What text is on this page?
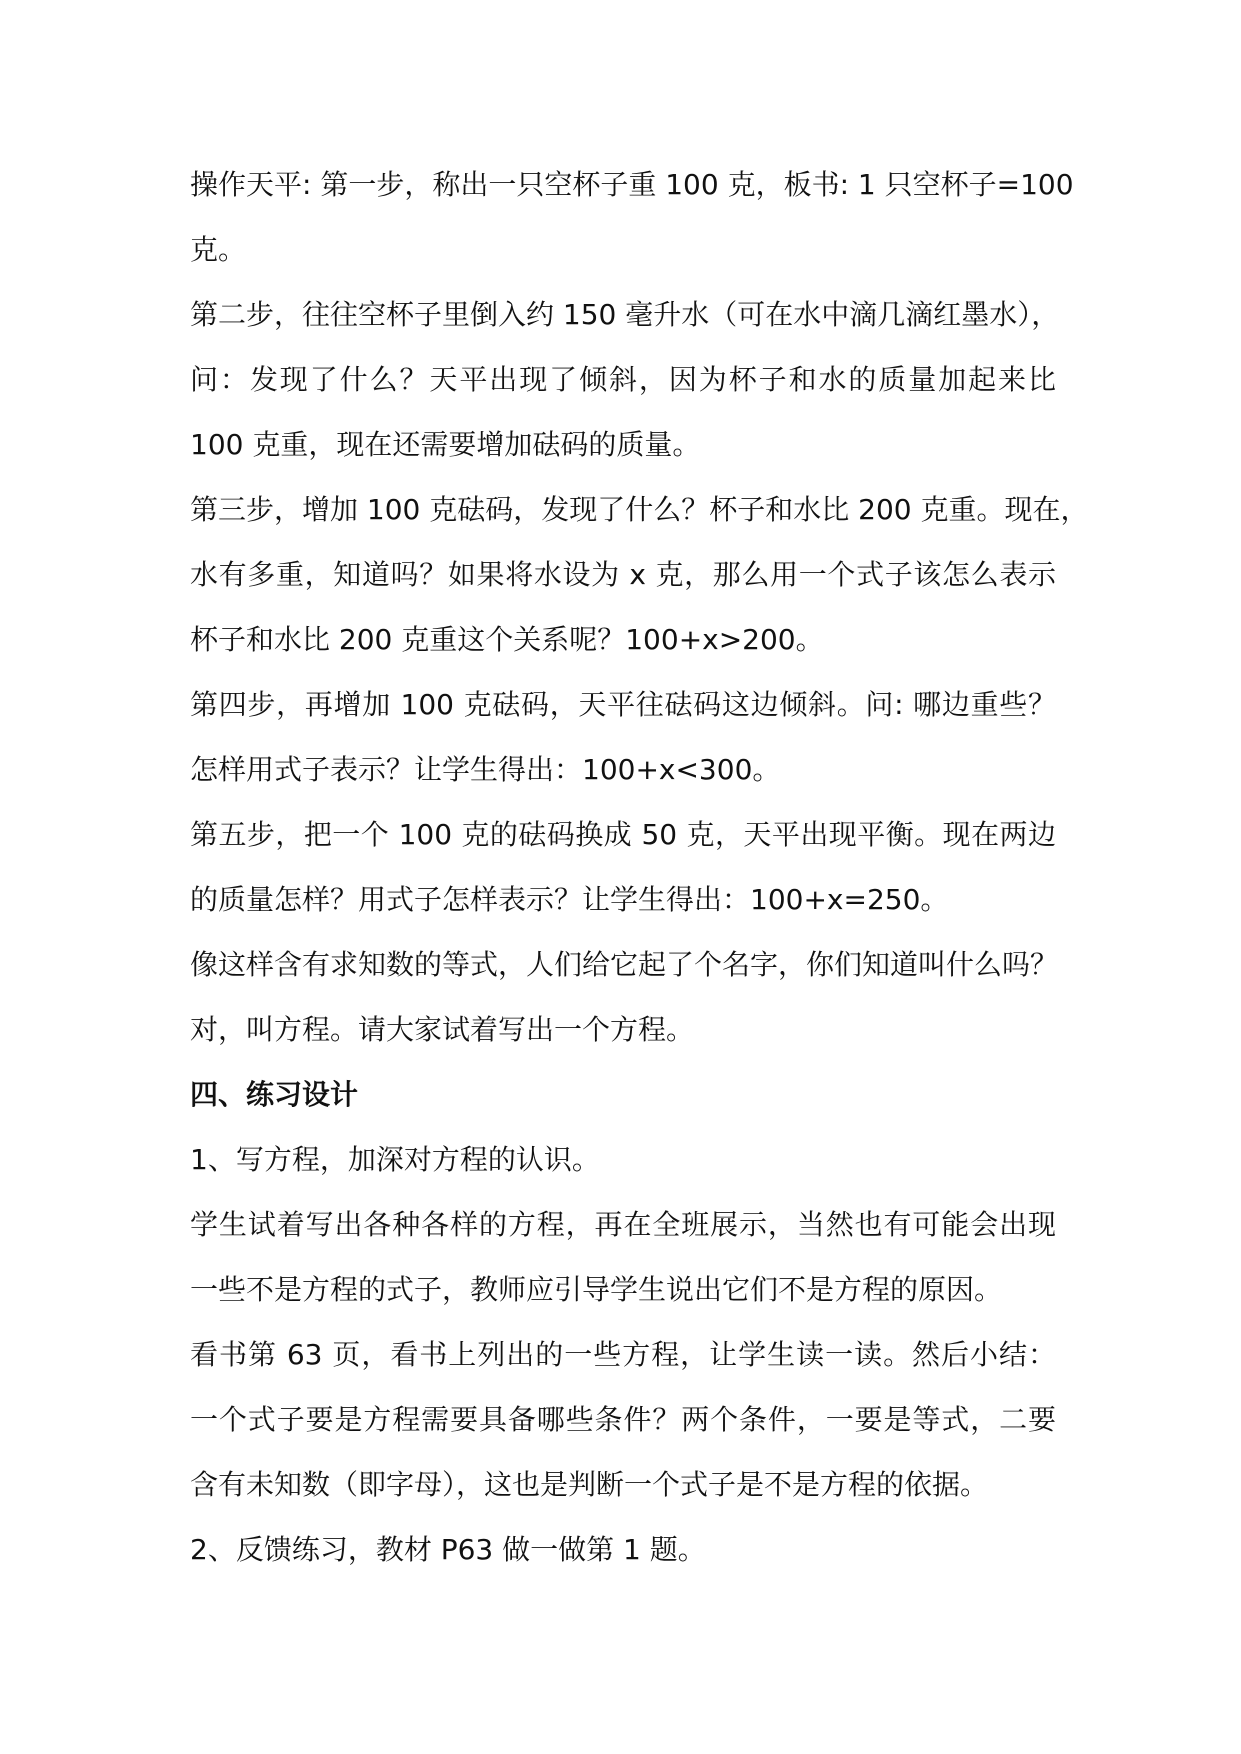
操作天平: 第一步，称出一只空杯子重 100 克，板书: 1 只空杯子=100
克。
第二步，往往空杯子里倒入约 150 毫升水（可在水中滴几滴红墨水），
问：发现了什么？天平出现了倾斜，因为杯子和水的质量加起来比
100 克重，现在还需要增加砝码的质量。
第三步，增加 100 克砝码，发现了什么？杯子和水比 200 克重。现在，
水有多重，知道吗？如果将水设为 x 克，那么用一个式子该怎么表示
杯子和水比 200 克重这个关系呢？100+x>200。
第四步，再增加 100 克砝码，天平往砝码这边倾斜。问: 哪边重些？
怎样用式子表示？让学生得出：100+x<300。
第五步，把一个 100 克的砝码换成 50 克，天平出现平衡。现在两边
的质量怎样？用式子怎样表示？让学生得出：100+x=250。
像这样含有求知数的等式，人们给它起了个名字，你们知道叫什么吗？
对，叫方程。请大家试着写出一个方程。
四、练习设计
1、写方程，加深对方程的认识。
学生试着写出各种各样的方程，再在全班展示，当然也有可能会出现
一些不是方程的式子，教师应引导学生说出它们不是方程的原因。
看书第 63 页，看书上列出的一些方程，让学生读一读。然后小结：
一个式子要是方程需要具备哪些条件？两个条件，一要是等式，二要
含有未知数（即字母），这也是判断一个式子是不是方程的依据。
2、反馈练习，教材 P63 做一做第 1 题。
